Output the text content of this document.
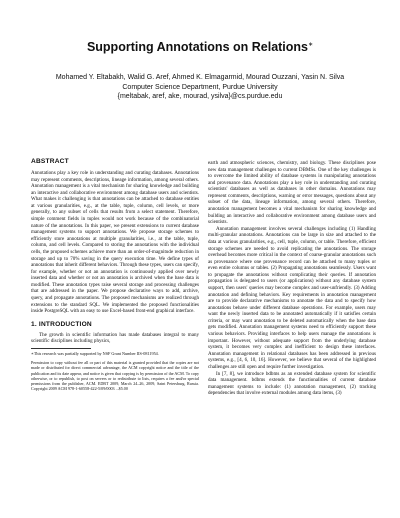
Supporting Annotations on Relations∗
Mohamed Y. Eltabakh, Walid G. Aref, Ahmed K. Elmagarmid, Mourad Ouzzani, Yasin N. Silva
Computer Science Department, Purdue University
{meltabak, aref, ake, mourad, ysilva}@cs.purdue.edu
ABSTRACT

Annotations play a key role in understanding and curating databases. Annotations may represent comments, descriptions, lineage information, among several others. Annotation management is a vital mechanism for sharing knowledge and building an interactive and collaborative environment among database users and scientists. What makes it challenging is that annotations can be attached to database entities at various granularities, e.g., at the table, tuple, column, cell levels, or more generally, to any subset of cells that results from a select statement. Therefore, simple comment fields in tuples would not work because of the combinatorial nature of the annotations. In this paper, we present extensions to current database management systems to support annotations. We propose storage schemes to efficiently store annotations at multiple granularities, i.e., at the table, tuple, column, and cell levels. Compared to storing the annotations with the individual cells, the proposed schemes achieve more than an order-of-magnitude reduction in storage and up to 70% saving in the query execution time. We define types of annotations that inherit different behaviors. Through these types, users can specify, for example, whether or not an annotation is continuously applied over newly inserted data and whether or not an annotation is archived when the base data is modified. These annotation types raise several storage and processing challenges that are addressed in the paper. We propose declarative ways to add, archive, query, and propagate annotations. The proposed mechanisms are realized through extensions to the standard SQL. We implemented the proposed functionalities inside PostgreSQL with an easy to use Excel-based front-end graphical interface.

1. INTRODUCTION

The growth in scientific information has made databases integral to many scientific disciplines including physics,

∗This research was partially supported by NSF Grant Number IIS-0811954.

Permission to copy without fee all or part of this material is granted provided that the copies are not made or distributed for direct commercial advantage, the ACM copyright notice and the title of the publication and its date appear, and notice is given that copying is by permission of the ACM. To copy otherwise, or to republish, to post on servers or to redistribute to lists, requires a fee and/or special permissions from the publisher, ACM. EDBT 2009, March 24–26, 2009, Saint Petersburg, Russia. Copyright 2009 ACM 978-1-60558-422-5/09/0003 ...$5.00

earth and atmospheric sciences, chemistry, and biology. These disciplines pose new data management challenges to current DBMSs. One of the key challenges is to overcome the limited ability of database systems in manipulating annotations and provenance data. Annotations play a key role in understanding and curating scientists' databases as well as databases in other domains. Annotations may represent comments, descriptions, warning or error messages, questions about any subset of the data, lineage information, among several others. Therefore, annotation management becomes a vital mechanism for sharing knowledge and building an interactive and collaborative environment among database users and scientists.

Annotation management involves several challenges including (1) Handling multi-granular annotations. Annotations can be large in size and attached to the data at various granularities, e.g., cell, tuple, column, or table. Therefore, efficient storage schemes are needed to avoid replicating the annotations. The storage overhead becomes more critical in the context of coarse-granular annotations such as provenance where one provenance record can be attached to many tuples or even entire columns or tables. (2) Propagating annotations seamlessly. Users want to propagate the annotations without complicating their queries. If annotation propagation is delegated to users (or applications) without any database system support, then users' queries may become complex and user-unfriendly. (3) Adding annotation and defining behaviors. Key requirements in annotation management are to provide declarative mechanisms to annotate the data and to specify how annotations behave under different database operations. For example, users may want the newly inserted data to be annotated automatically if it satisfies certain criteria, or may want annotation to be deleted automatically when the base data gets modified. Annotation management systems need to efficiently support these various behaviors. Providing interfaces to help users manage the annotations is important. However, without adequate support from the underlying database system, it becomes very complex and inefficient to design these interfaces. Annotation management in relational databases has been addressed in previous systems, e.g., [4, 6, 10, 16]. However, we believe that several of the highlighted challenges are still open and require further investigation.

In [7, 8], we introduce bdbms as an extended database system for scientific data management. bdbms extends the functionalities of current database management systems to include: (1) annotation management, (2) tracking dependencies that involve external modules among data items, (3)
